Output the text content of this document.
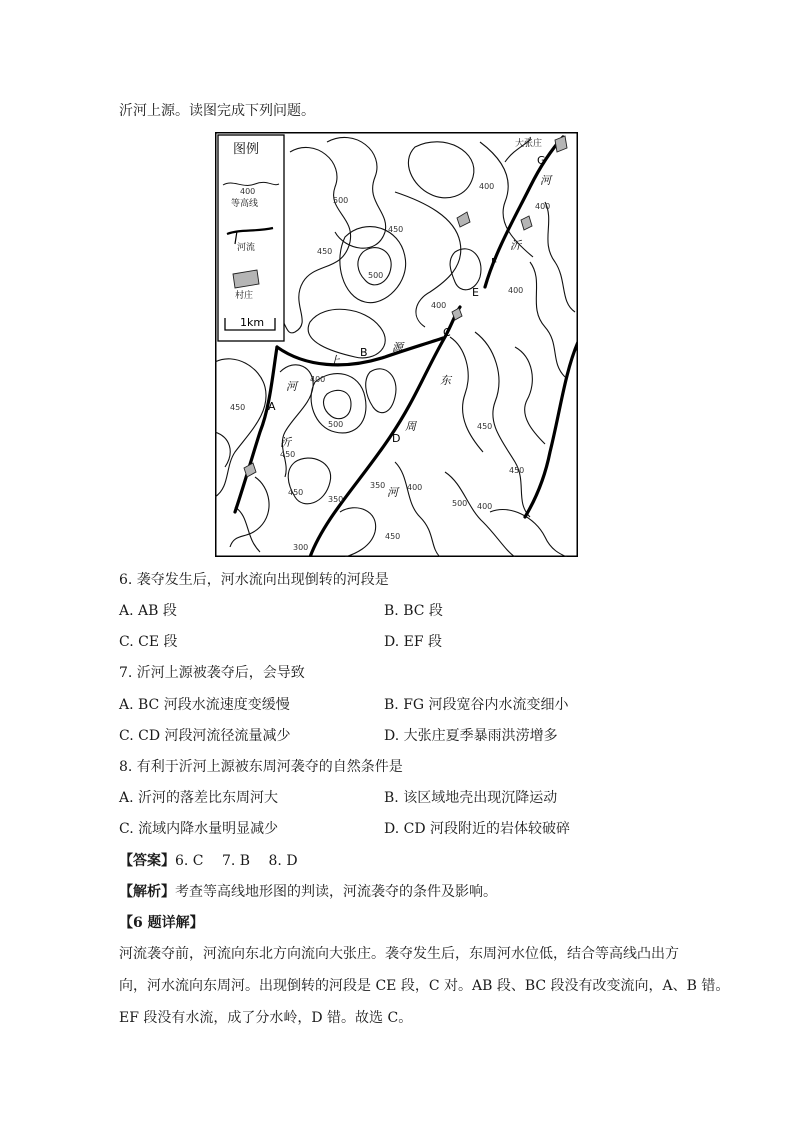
沂河上源。读图完成下列问题。
图例
400
等高线
河流
村庄
1km
大张庄
A
B
C
D
E
F
G
上
源
河
沂
东
周
河
河
沂
500
450
500
400
450
400
400
400
450
400
500
450
450
450
450
400
350
350
400
500
450
300
6. 袭夺发生后，河水流向出现倒转的河段是
A. AB 段	B. BC 段
C. CE 段	D. EF 段
7. 沂河上源被袭夺后，会导致
A. BC 河段水流速度变缓慢	B. FG 河段宽谷内水流变细小
C. CD 河段河流径流量减少	D. 大张庄夏季暴雨洪涝增多
8. 有利于沂河上源被东周河袭夺的自然条件是
A. 沂河的落差比东周河大	B. 该区域地壳出现沉降运动
C. 流域内降水量明显减少	D. CD 河段附近的岩体较破碎
【答案】6. C　 7. B　 8. D
【解析】考查等高线地形图的判读，河流袭夺的条件及影响。
【6 题详解】
河流袭夺前，河流向东北方向流向大张庄。袭夺发生后，东周河水位低，结合等高线凸出方
向，河水流向东周河。出现倒转的河段是 CE 段，C 对。AB 段、BC 段没有改变流向，A、B 错。
EF 段没有水流，成了分水岭，D 错。故选 C。
